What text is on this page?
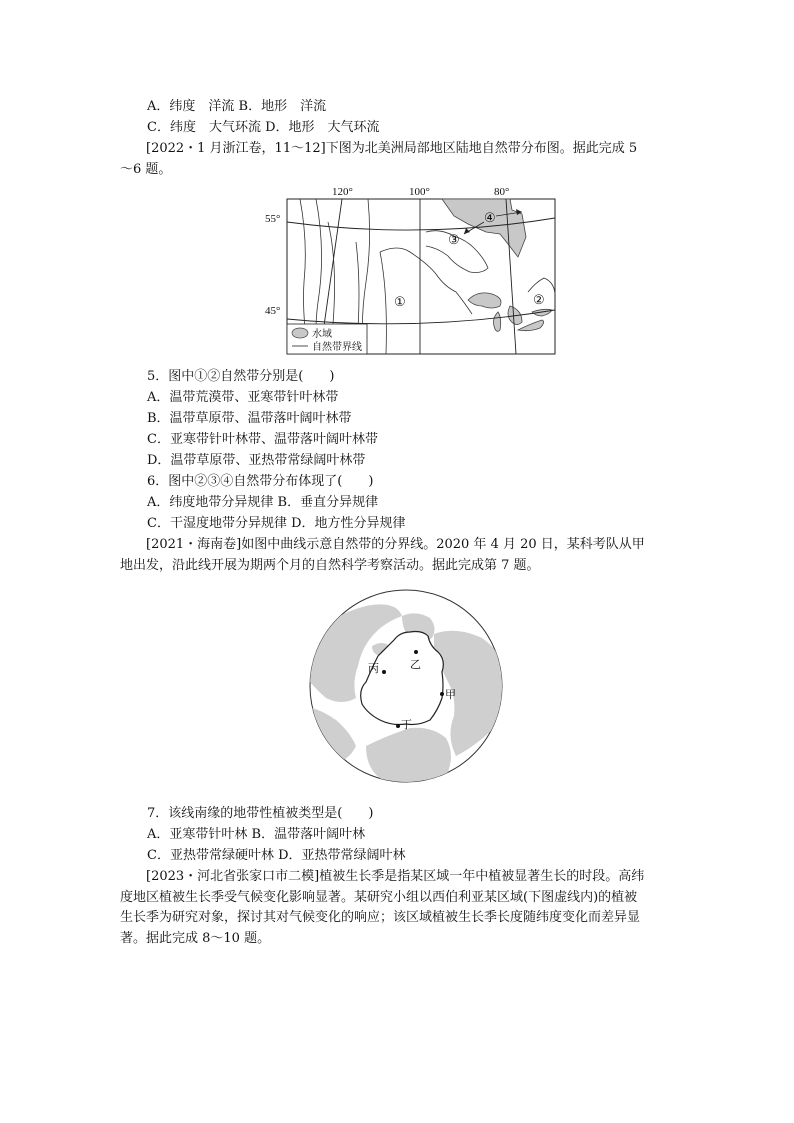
A．纬度　洋流 B．地形　洋流
C．纬度　大气环流 D．地形　大气环流
[2022・1 月浙江卷，11～12]下图为北美洲局部地区陆地自然带分布图。据此完成 5～6 题。
120°	100°	80°
55°
45°
①	②
③
④
水域
自然带界线
5．图中①②自然带分别是(　　)
A．温带荒漠带、亚寒带针叶林带
B．温带草原带、温带落叶阔叶林带
C．亚寒带针叶林带、温带落叶阔叶林带
D．温带草原带、亚热带常绿阔叶林带
6．图中②③④自然带分布体现了(　　)
A．纬度地带分异规律 B．垂直分异规律
C．干湿度地带分异规律 D．地方性分异规律
[2021・海南卷]如图中曲线示意自然带的分界线。2020 年 4 月 20 日，某科考队从甲地出发，沿此线开展为期两个月的自然科学考察活动。据此完成第 7 题。
甲
乙
丙
丁
7．该线南缘的地带性植被类型是(　　)
A．亚寒带针叶林 B．温带落叶阔叶林
C．亚热带常绿硬叶林 D．亚热带常绿阔叶林
[2023・河北省张家口市二模]植被生长季是指某区域一年中植被显著生长的时段。高纬度地区植被生长季受气候变化影响显著。某研究小组以西伯利亚某区域(下图虚线内)的植被生长季为研究对象，探讨其对气候变化的响应；该区域植被生长季长度随纬度变化而差异显著。据此完成 8～10 题。
